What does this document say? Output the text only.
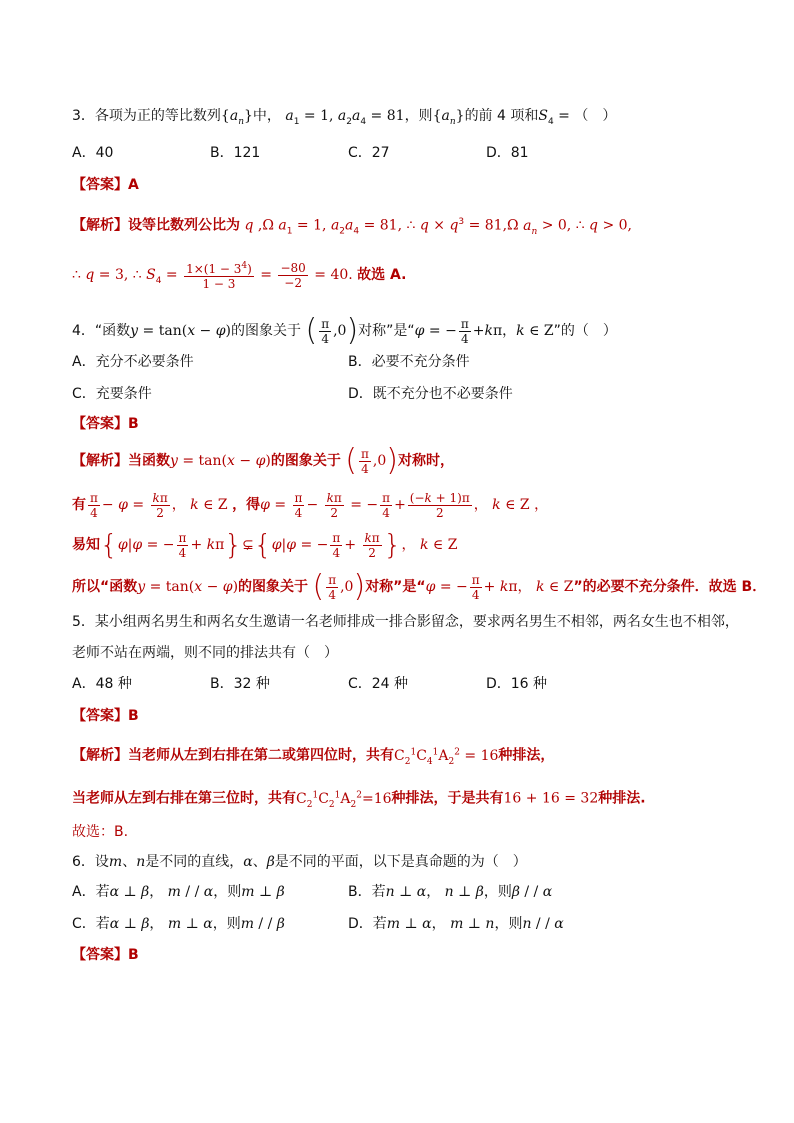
3．各项为正的等比数列$\{a_n\}$中， $a_1 = 1$, $a_2a_4 = 81$，则$\{a_n\}$的前 4 项和$S_4$ = （　）
A．40	B．121	C．27	D．81
【答案】A
【解析】设等比数列公比为 q ,Ω $a_1 = 1$, $a_2a_4 = 81$, ∴ $q \times q^3 = 81,\Omega$ $a_n > 0$, ∴ q > 0,
∴ q = 3, ∴ $S_4 = \frac{1\times(1 - 3^4)}{1 - 3} = \frac{-80}{-2} = 40$. 故选 A.
4．“函数y = tan(x − φ)的图象关于 ( $\frac{\pi}{4} ,0$)对称”是“φ = − $\frac{\pi}{4} +k\pi$，k ∈ Z”的（　）
A．充分不必要条件	B．必要不充分条件
C．充要条件	D．既不充分也不必要条件
【答案】B
【解析】当函数y = tan(x − φ)的图象关于 ( $\frac{\pi}{4} ,0$)对称时，
有 $\frac{\pi}{4} - \varphi = \frac{k\pi}{2}$ ， k ∈ Z ，得$\varphi = \frac{\pi}{4} - \frac{k\pi}{2}$ = − $\frac{\pi}{4} + \frac{(-k + 1)\pi}{2}$ ， k ∈ Z ，
易知{φ|φ = − $\frac{\pi}{4}$ + kπ}⊊{φ|φ = − $\frac{\pi}{4} + \frac{k\pi}{2}$ }， k ∈ Z
所以“函数y = tan(x − φ)的图象关于 ( $\frac{\pi}{4} ,0$)对称”是“φ = − $\frac{\pi}{4} + k\pi$， k ∈ Z”的必要不充分条件．故选 B．
5．某小组两名男生和两名女生邀请一名老师排成一排合影留念，要求两名男生不相邻，两名女生也不相邻，
老师不站在两端，则不同的排法共有（　）
A．48 种	B．32 种	C．24 种	D．16 种
【答案】B
【解析】当老师从左到右排在第二或第四位时，共有$C_2^1C_4^1A_2^2 = 16$种排法，
当老师从左到右排在第三位时，共有$C_2^1C_2^1A_2^2=16$种排法，于是共有16 + 16 = 32种排法.
故选：B.
6．设m、n是不同的直线，α、β是不同的平面，以下是真命题的为（　）
A．若α ⊥ β， m / / α，则m ⊥ β	B．若n ⊥ α， n ⊥ β，则β / / α
C．若α ⊥ β， m ⊥ α，则m / / β	D．若m ⊥ α， m ⊥ n，则n / / α
【答案】B
